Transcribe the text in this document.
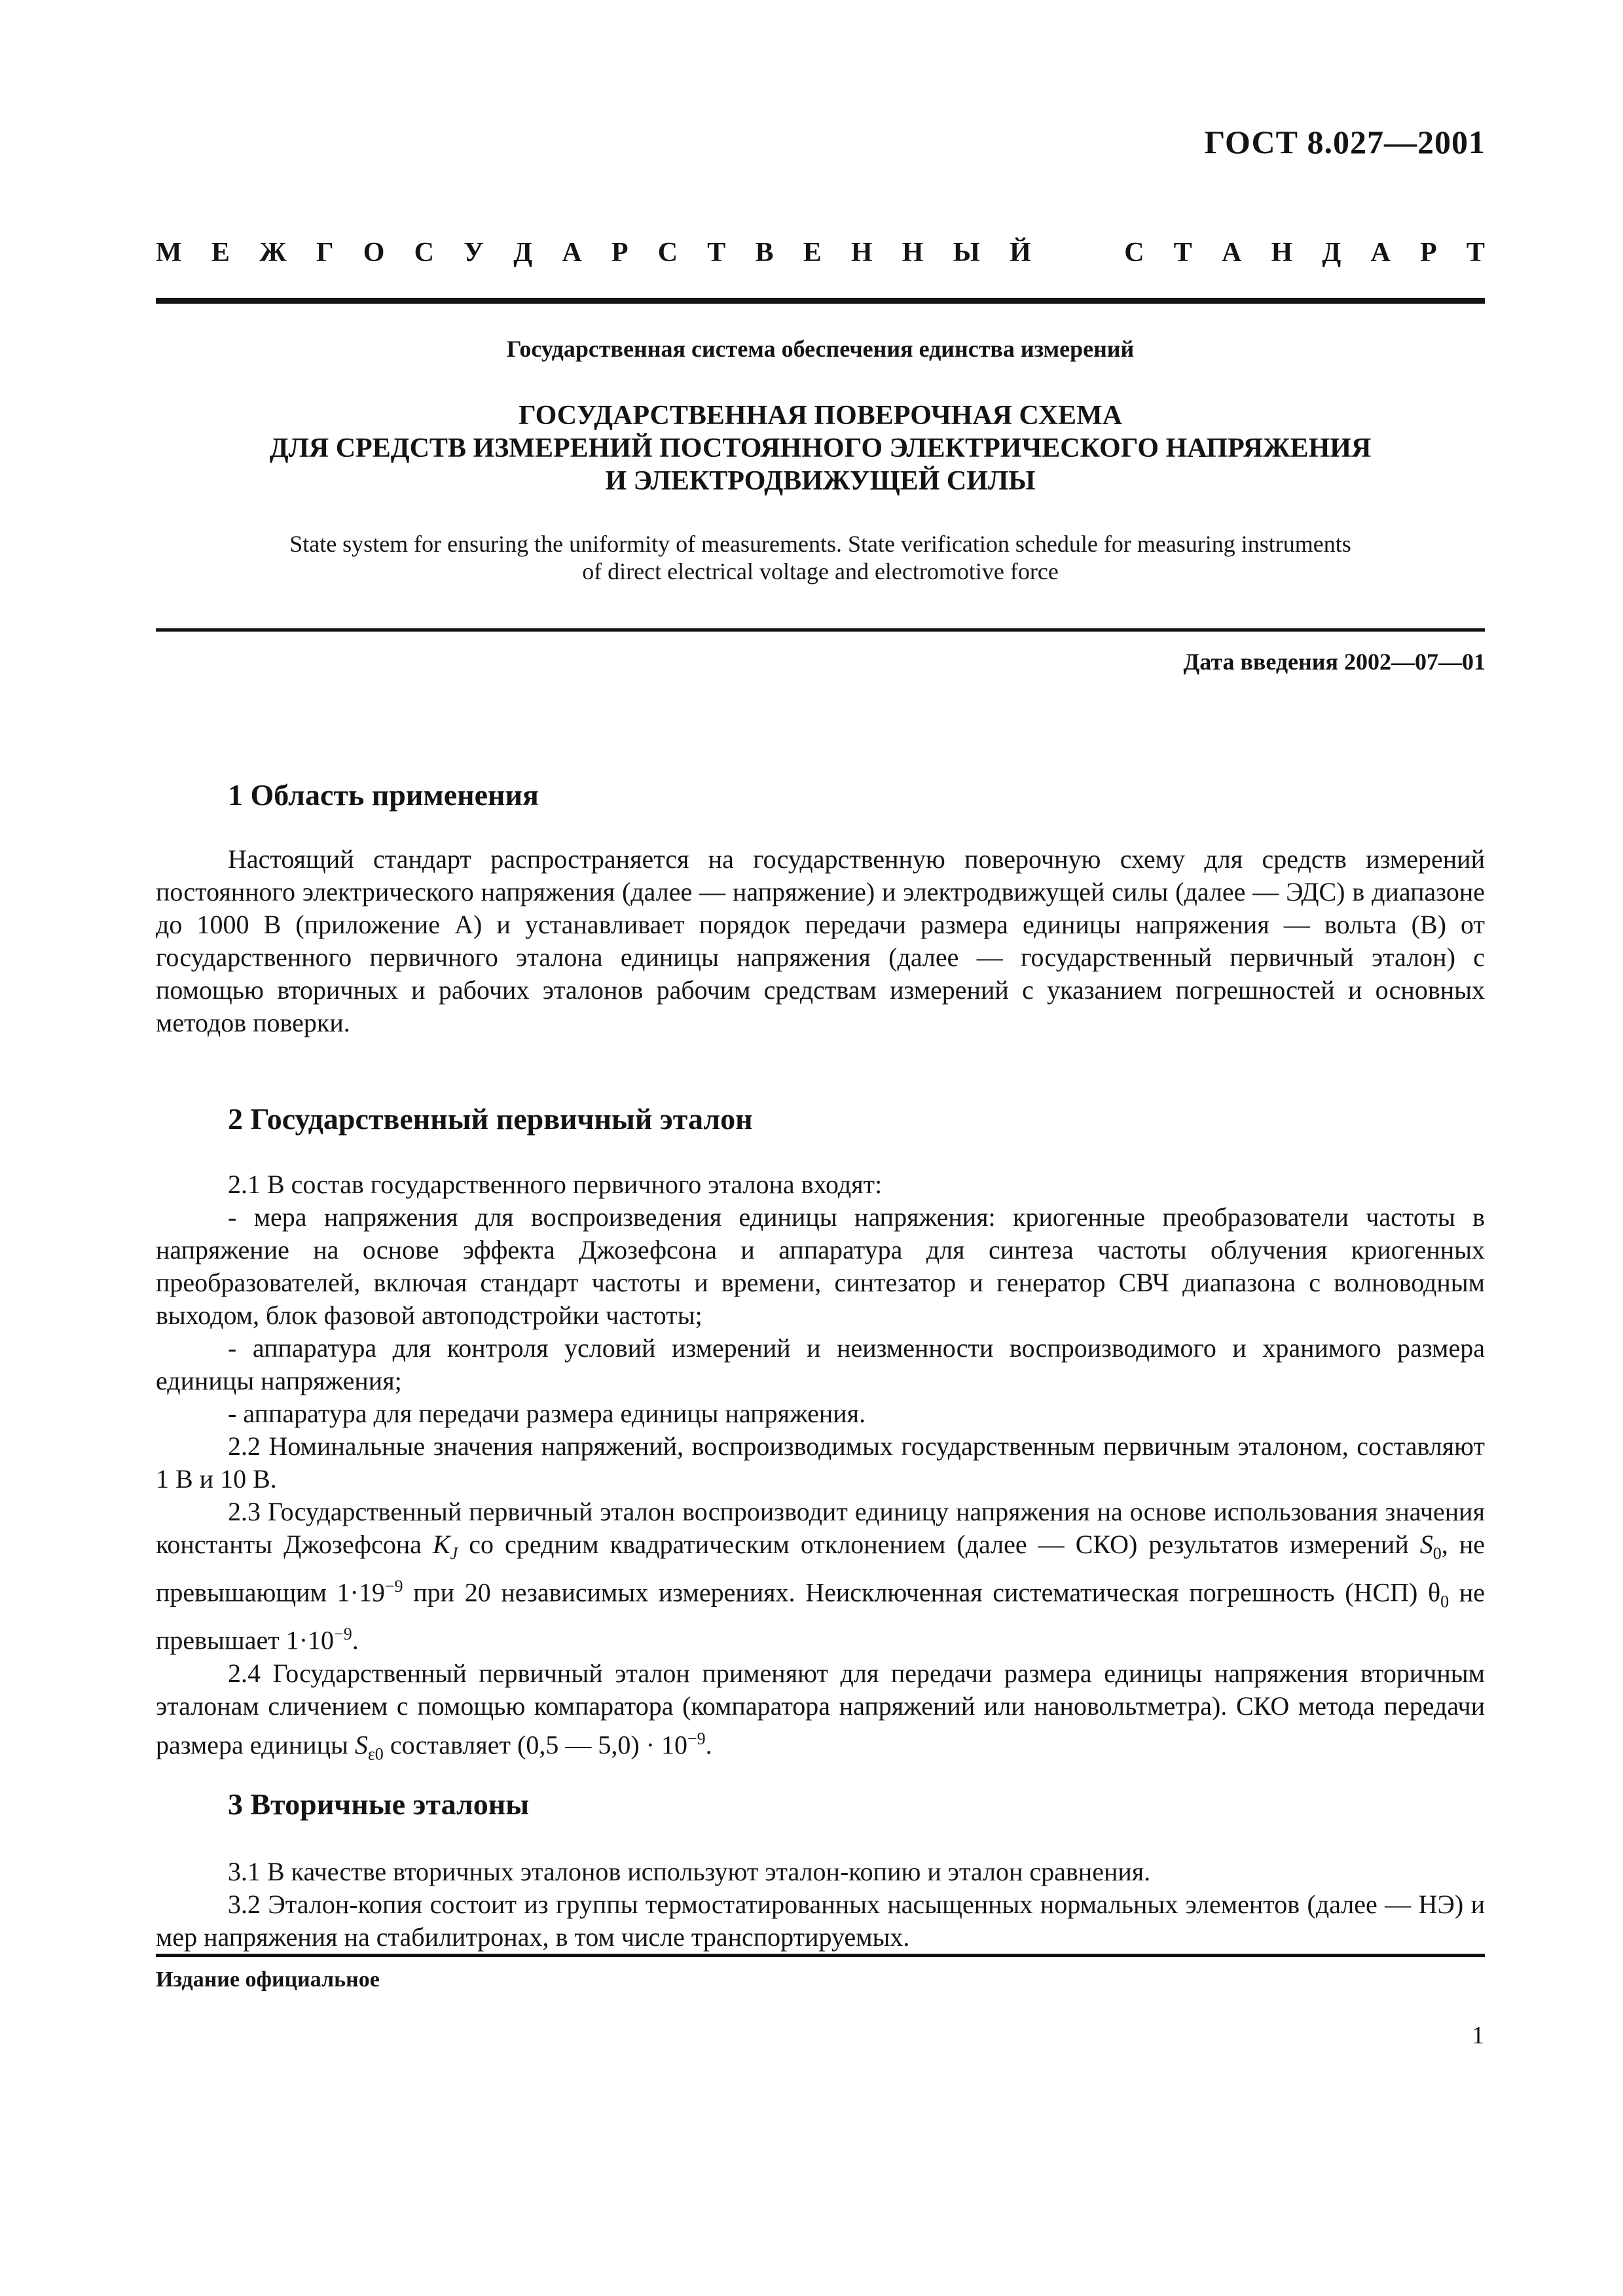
ГОСТ 8.027—2001
М Е Ж Г О С У Д А Р С Т В Е Н Н Ы Й	С Т А Н Д А Р Т
Государственная система обеспечения единства измерений
ГОСУДАРСТВЕННАЯ ПОВЕРОЧНАЯ СХЕМА
ДЛЯ СРЕДСТВ ИЗМЕРЕНИЙ ПОСТОЯННОГО ЭЛЕКТРИЧЕСКОГО НАПРЯЖЕНИЯ
И ЭЛЕКТРОДВИЖУЩЕЙ СИЛЫ
State system for ensuring the uniformity of measurements. State verification schedule for measuring instruments
of direct electrical voltage and electromotive force
Дата введения 2002—07—01
1 Область применения
Настоящий стандарт распространяется на государственную поверочную схему для средств измерений постоянного электрического напряжения (далее — напряжение) и электродвижущей силы (далее — ЭДС) в диапазоне до 1000 В (приложение А) и устанавливает порядок передачи размера единицы напряжения — вольта (В) от государственного первичного эталона единицы напряжения (далее — государственный первичный эталон) с помощью вторичных и рабочих эталонов рабочим средствам измерений с указанием погрешностей и основных методов поверки.
2 Государственный первичный эталон
2.1 В состав государственного первичного эталона входят:
- мера напряжения для воспроизведения единицы напряжения: криогенные преобразователи частоты в напряжение на основе эффекта Джозефсона и аппаратура для синтеза частоты облучения криогенных преобразователей, включая стандарт частоты и времени, синтезатор и генератор СВЧ диапазона с волноводным выходом, блок фазовой автоподстройки частоты;
- аппаратура для контроля условий измерений и неизменности воспроизводимого и хранимого размера единицы напряжения;
- аппаратура для передачи размера единицы напряжения.
2.2 Номинальные значения напряжений, воспроизводимых государственным первичным эталоном, составляют 1 В и 10 В.
2.3 Государственный первичный эталон воспроизводит единицу напряжения на основе использования значения константы Джозефсона $K_J$ со средним квадратическим отклонением (далее — СКО) результатов измерений $S_0$, не превышающим $1\cdot 19^{-9}$ при 20 независимых измерениях. Неисключенная систематическая погрешность (НСП) $\theta_0$ не превышает $1\cdot 10^{-9}$.
2.4 Государственный первичный эталон применяют для передачи размера единицы напряжения вторичным эталонам сличением с помощью компаратора (компаратора напряжений или нановольтметра). СКО метода передачи размера единицы $S_{\varepsilon 0}$ составляет (0,5 — $5,0) \cdot 10^{-9}$.
3 Вторичные эталоны
3.1 В качестве вторичных эталонов используют эталон-копию и эталон сравнения.
3.2 Эталон-копия состоит из группы термостатированных насыщенных нормальных элементов (далее — НЭ) и мер напряжения на стабилитронах, в том числе транспортируемых.
Издание официальное
1
